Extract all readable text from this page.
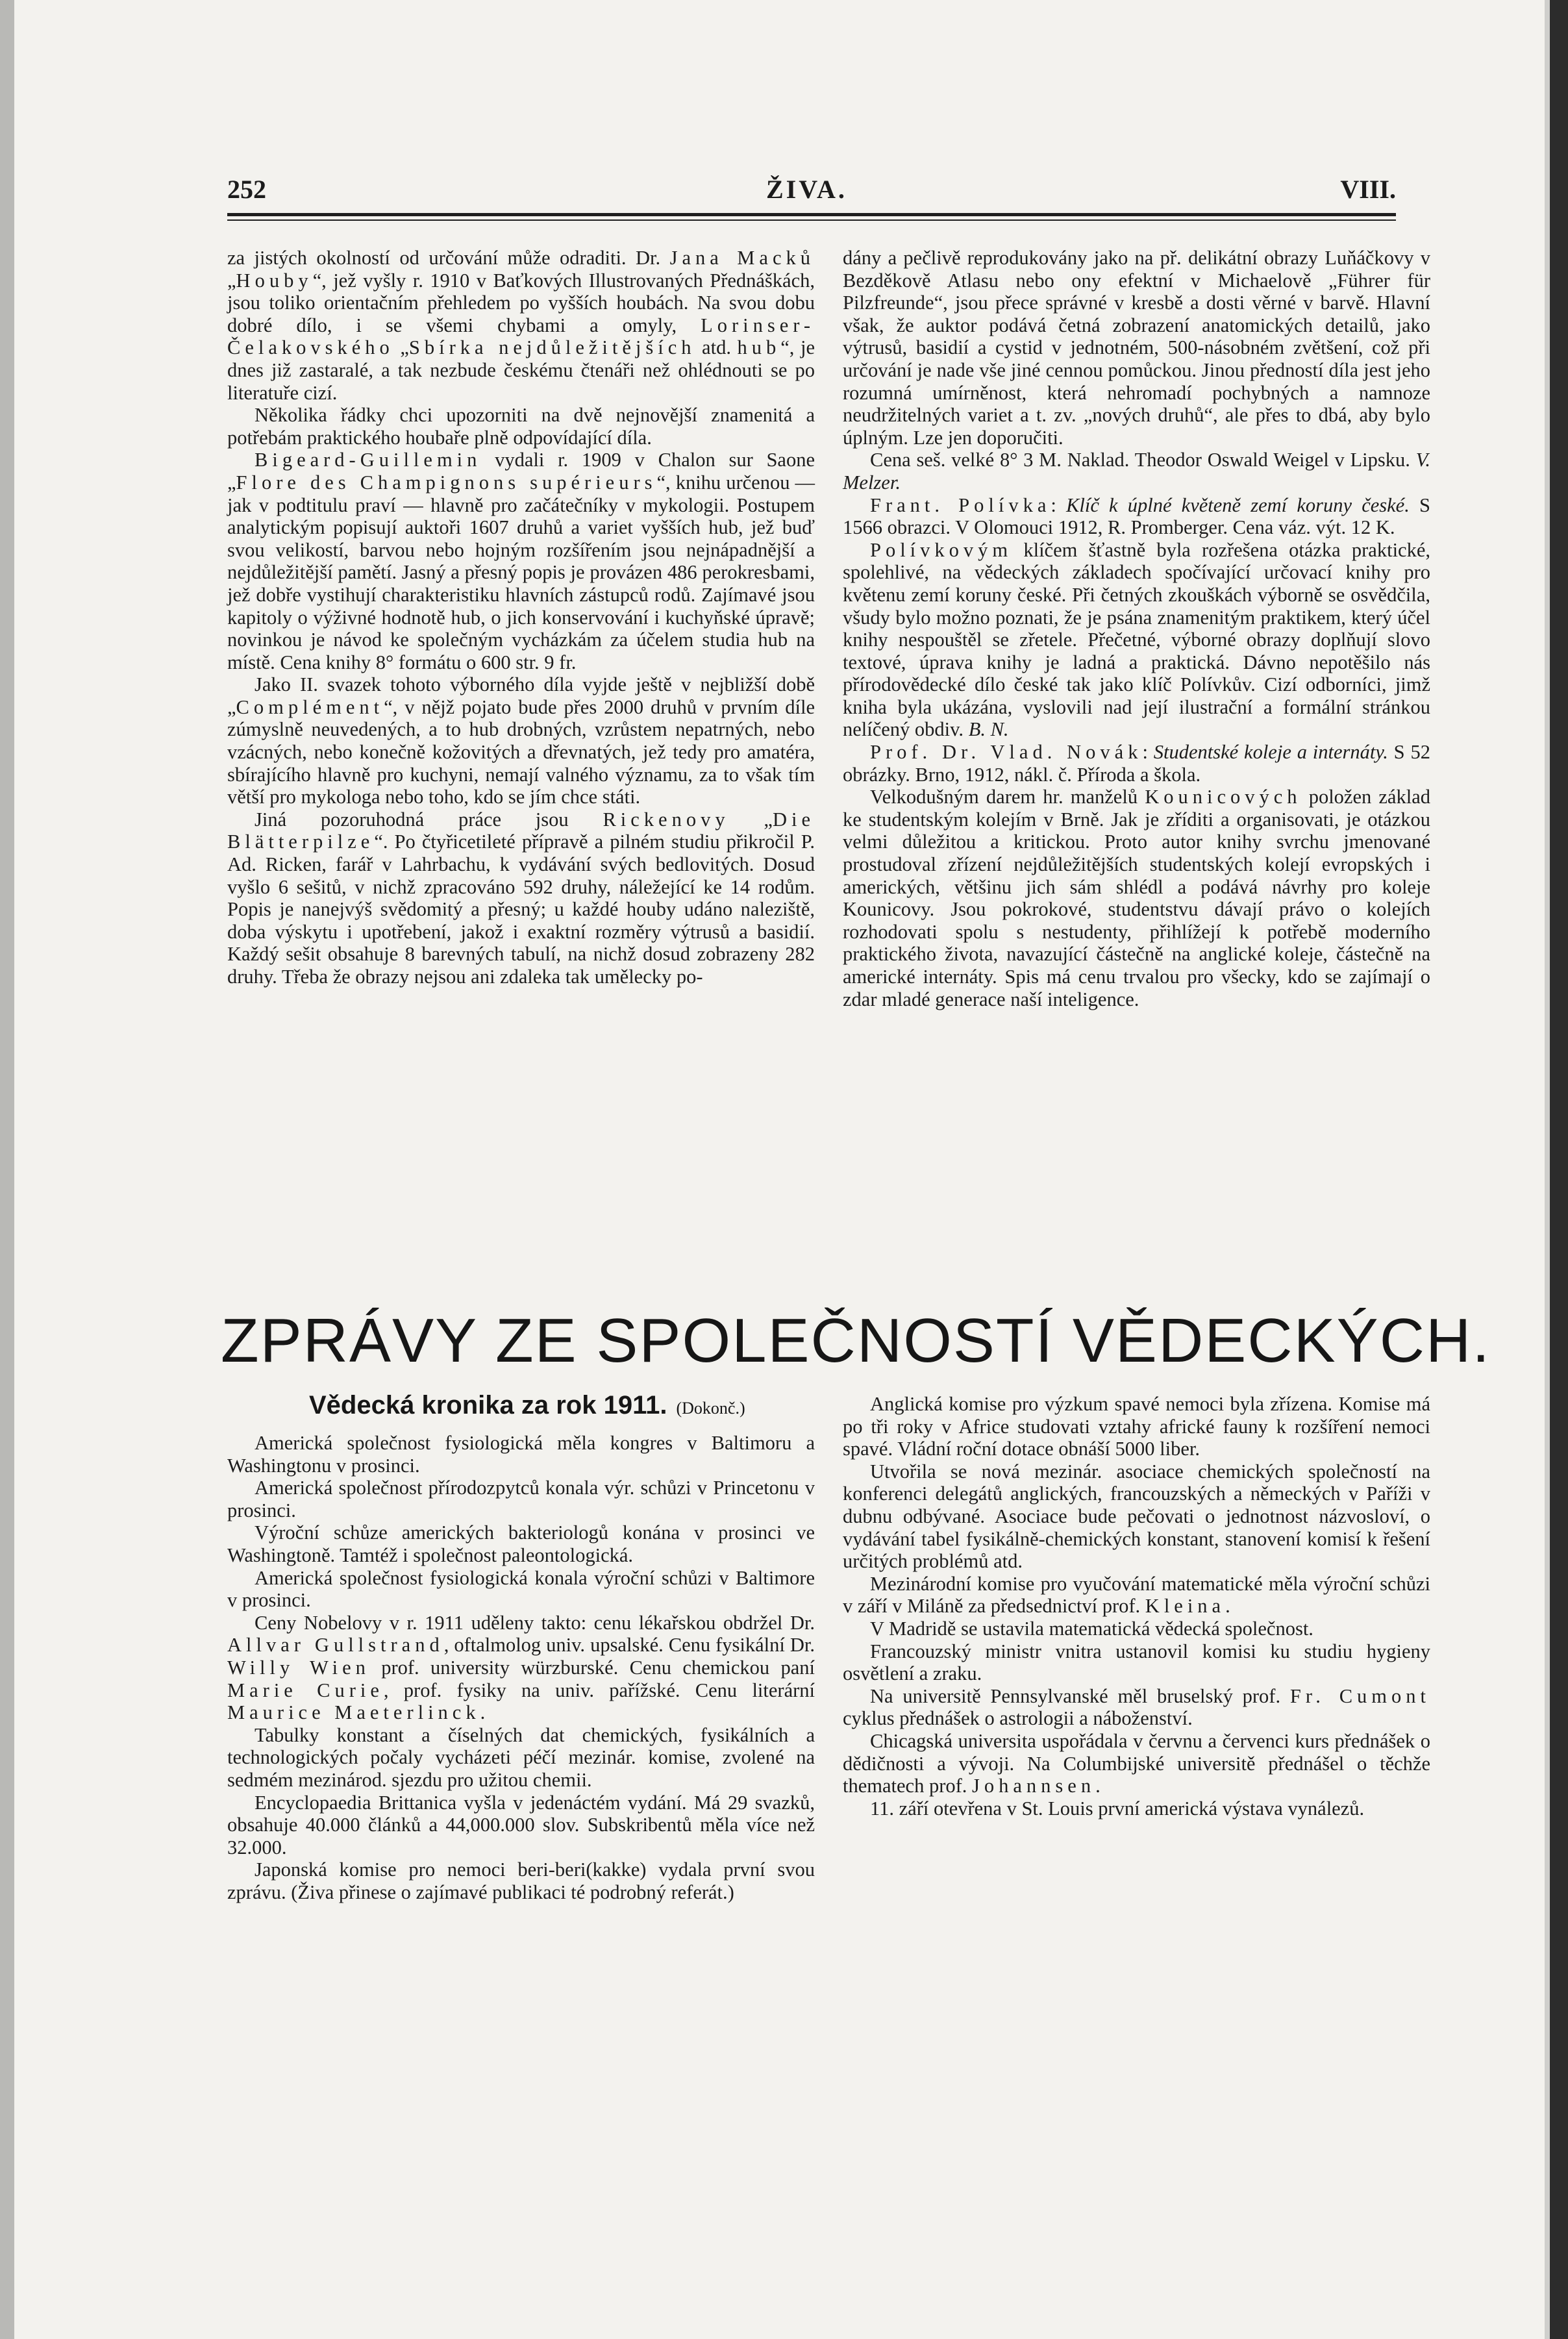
252	ŽIVA.	VIII.

za jistých okolností od určování může odraditi. Dr. Jana Macků „Houby“, jež vyšly r. 1910 v Baťkových Illustrovaných Přednáškách, jsou toliko orientačním přehledem po vyšších houbách. Na svou dobu dobré dílo, i se všemi chybami a omyly, Lorinser-Čelakovského „Sbírka nejdůležitějších atd. hub“, je dnes již zastaralé, a tak nezbude českému čtenáři než ohlédnouti se po literatuře cizí.

Několika řádky chci upozorniti na dvě nejnovější znamenitá a potřebám praktického houbaře plně odpovídající díla.

Bigeard-Guillemin vydali r. 1909 v Chalon sur Saone „Flore des Champignons supérieurs“, knihu určenou — jak v podtitulu praví — hlavně pro začátečníky v mykologii. Postupem analytickým popisují auktoři 1607 druhů a variet vyšších hub, jež buď svou velikostí, barvou nebo hojným rozšířením jsou nejnápadnější a nejdůležitější pamětí. Jasný a přesný popis je provázen 486 perokresbami, jež dobře vystihují charakteristiku hlavních zástupců rodů. Zajímavé jsou kapitoly o výživné hodnotě hub, o jich konservování i kuchyňské úpravě; novinkou je návod ke společným vycházkám za účelem studia hub na místě. Cena knihy 8° formátu o 600 str. 9 fr.

Jako II. svazek tohoto výborného díla vyjde ještě v nejbližší době „Complément“, v nějž pojato bude přes 2000 druhů v prvním díle zúmyslně neuvedených, a to hub drobných, vzrůstem nepatrných, nebo vzácných, nebo konečně kožovitých a dřevnatých, jež tedy pro amatéra, sbírajícího hlavně pro kuchyni, nemají valného významu, za to však tím větší pro mykologa nebo toho, kdo se jím chce státi.

Jiná pozoruhodná práce jsou Rickenovy „Die Blätterpilze“. Po čtyřicetileté přípravě a pilném studiu přikročil P. Ad. Ricken, farář v Lahrbachu, k vydávání svých bedlovitých. Dosud vyšlo 6 sešitů, v nichž zpracováno 592 druhy, náležející ke 14 rodům. Popis je nanejvýš svědomitý a přesný; u každé houby udáno naleziště, doba výskytu i upotřebení, jakož i exaktní rozměry výtrusů a basidií. Každý sešit obsahuje 8 barevných tabulí, na nichž dosud zobrazeny 282 druhy. Třeba že obrazy nejsou ani zdaleka tak umělecky po-

dány a pečlivě reprodukovány jako na př. delikátní obrazy Luňáčkovy v Bezděkově Atlasu nebo ony efektní v Michaelově „Führer für Pilzfreunde“, jsou přece správné v kresbě a dosti věrné v barvě. Hlavní však, že auktor podává četná zobrazení anatomických detailů, jako výtrusů, basidií a cystid v jednotném, 500-násobném zvětšení, což při určování je nade vše jiné cennou pomůckou. Jinou předností díla jest jeho rozumná umírněnost, která nehromadí pochybných a namnoze neudržitelných variet a t. zv. „nových druhů“, ale přes to dbá, aby bylo úplným. Lze jen doporučiti.

Cena seš. velké 8° 3 M. Naklad. Theodor Oswald Weigel v Lipsku. V. Melzer.

Frant. Polívka: Klíč k úplné květeně zemí koruny české. S 1566 obrazci. V Olomouci 1912, R. Promberger. Cena váz. výt. 12 K.

Polívkovým klíčem šťastně byla rozřešena otázka praktické, spolehlivé, na vědeckých základech spočívající určovací knihy pro květenu zemí koruny české. Při četných zkouškách výborně se osvědčila, všudy bylo možno poznati, že je psána znamenitým praktikem, který účel knihy nespouštěl se zřetele. Přečetné, výborné obrazy doplňují slovo textové, úprava knihy je ladná a praktická. Dávno nepotěšilo nás přírodovědecké dílo české tak jako klíč Polívkův. Cizí odborníci, jimž kniha byla ukázána, vyslovili nad její ilustrační a formální stránkou nelíčený obdiv. B. N.

Prof. Dr. Vlad. Novák: Studentské koleje a internáty. S 52 obrázky. Brno, 1912, nákl. č. Příroda a škola.

Velkodušným darem hr. manželů Kounicových položen základ ke studentským kolejím v Brně. Jak je zříditi a organisovati, je otázkou velmi důležitou a kritickou. Proto autor knihy svrchu jmenované prostudoval zřízení nejdůležitějších studentských kolejí evropských i amerických, většinu jich sám shlédl a podává návrhy pro koleje Kounicovy. Jsou pokrokové, studentstvu dávají právo o kolejích rozhodovati spolu s nestudenty, přihlížejí k potřebě moderního praktického života, navazující částečně na anglické koleje, částečně na americké internáty. Spis má cenu trvalou pro všecky, kdo se zajímají o zdar mladé generace naší inteligence.

ZPRÁVY ZE SPOLEČNOSTÍ VĚDECKÝCH.
Vědecká kronika za rok 1911. (Dokonč.)

Americká společnost fysiologická měla kongres v Baltimoru a Washingtonu v prosinci.

Americká společnost přírodozpytců konala výr. schůzi v Princetonu v prosinci.

Výroční schůze amerických bakteriologů konána v prosinci ve Washingtoně. Tamtéž i společnost paleontologická.

Americká společnost fysiologická konala výroční schůzi v Baltimore v prosinci.

Ceny Nobelovy v r. 1911 uděleny takto: cenu lékařskou obdržel Dr. Allvar Gullstrand, oftalmolog univ. upsalské. Cenu fysikální Dr. Willy Wien prof. university würzburské. Cenu chemickou paní Marie Curie, prof. fysiky na univ. pařížské. Cenu literární Maurice Maeterlinck.

Tabulky konstant a číselných dat chemických, fysikálních a technologických počaly vycházeti péčí mezinár. komise, zvolené na sedmém mezinárod. sjezdu pro užitou chemii.

Encyclopaedia Brittanica vyšla v jedenáctém vydání. Má 29 svazků, obsahuje 40.000 článků a 44,000.000 slov. Subskribentů měla více než 32.000.

Japonská komise pro nemoci beri-beri(kakke) vydala první svou zprávu. (Živa přinese o zajímavé publikaci té podrobný referát.)

Anglická komise pro výzkum spavé nemoci byla zřízena. Komise má po tři roky v Africe studovati vztahy africké fauny k rozšíření nemoci spavé. Vládní roční dotace obnáší 5000 liber.

Utvořila se nová mezinár. asociace chemických společností na konferenci delegátů anglických, francouzských a německých v Paříži v dubnu odbývané. Asociace bude pečovati o jednotnost názvosloví, o vydávání tabel fysikálně-chemických konstant, stanovení komisí k řešení určitých problémů atd.

Mezinárodní komise pro vyučování matematické měla výroční schůzi v září v Miláně za předsednictví prof. Kleina.

V Madridě se ustavila matematická vědecká společnost.

Francouzský ministr vnitra ustanovil komisi ku studiu hygieny osvětlení a zraku.

Na universitě Pennsylvanské měl bruselský prof. Fr. Cumont cyklus přednášek o astrologii a náboženství.

Chicagská universita uspořádala v červnu a červenci kurs přednášek o dědičnosti a vývoji. Na Columbijské universitě přednášel o těchže thematech prof. Johannsen.

11. září otevřena v St. Louis první americká výstava vynálezů.
